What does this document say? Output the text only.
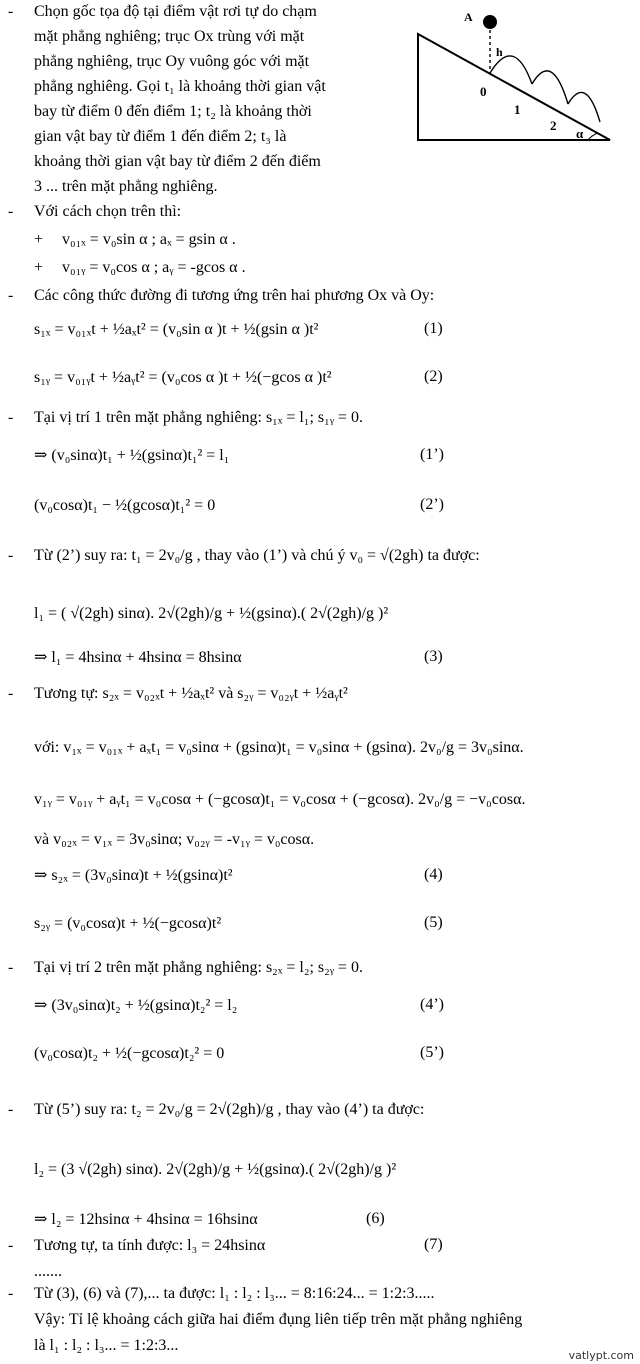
- Chọn gốc tọa độ tại điểm vật rơi tự do chạm
mặt phẳng nghiêng; trục Ox trùng với mặt
phẳng nghiêng, trục Oy vuông góc với mặt
phẳng nghiêng. Gọi t₁ là khoảng thời gian vật
bay từ điểm 0 đến điểm 1; t₂ là khoảng thời
gian vật bay từ điểm 1 đến điểm 2; t₃ là
khoảng thời gian vật bay từ điểm 2 đến điểm
3 ... trên mặt phẳng nghiêng.
A
h
0
1
2
α
- Với cách chọn trên thì:
+ v₀₁ₓ = v₀sin α ; aₓ = gsin α .
+ v₀₁ᵧ = v₀cos α ; aᵧ = -gcos α .
- Các công thức đường đi tương ứng trên hai phương Ox và Oy:
s₁ₓ = v₀₁ₓt + ½aₓt² = (v₀sin α )t + ½(gsin α )t²	(1)
s₁ᵧ = v₀₁ᵧt + ½aᵧt² = (v₀cos α )t + ½(−gcos α )t²	(2)
- Tại vị trí 1 trên mặt phẳng nghiêng: s₁ₓ = l₁; s₁ᵧ = 0.
⇒ (v₀sinα)t₁ + ½(gsinα)t₁² = l₁	(1’)
(v₀cosα)t₁ − ½(gcosα)t₁² = 0	(2’)
- Từ (2’) suy ra: t₁ = 2v₀/g , thay vào (1’) và chú ý v₀ = √(2gh) ta được:
l₁ = ( √(2gh) sinα). 2√(2gh)/g + ½(gsinα).( 2√(2gh)/g )²
⇒ l₁ = 4hsinα + 4hsinα = 8hsinα	(3)
- Tương tự: s₂ₓ = v₀₂ₓt + ½aₓt² và s₂ᵧ = v₀₂ᵧt + ½aᵧt²
với: v₁ₓ = v₀₁ₓ + aₓt₁ = v₀sinα + (gsinα)t₁ = v₀sinα + (gsinα). 2v₀/g = 3v₀sinα.
v₁ᵧ = v₀₁ᵧ + aᵧt₁ = v₀cosα + (−gcosα)t₁ = v₀cosα + (−gcosα). 2v₀/g = −v₀cosα.
và v₀₂ₓ = v₁ₓ = 3v₀sinα; v₀₂ᵧ = -v₁ᵧ = v₀cosα.
⇒ s₂ₓ = (3v₀sinα)t + ½(gsinα)t²	(4)
s₂ᵧ = (v₀cosα)t + ½(−gcosα)t²	(5)
- Tại vị trí 2 trên mặt phẳng nghiêng: s₂ₓ = l₂; s₂ᵧ = 0.
⇒ (3v₀sinα)t₂ + ½(gsinα)t₂² = l₂	(4’)
(v₀cosα)t₂ + ½(−gcosα)t₂² = 0	(5’)
- Từ (5’) suy ra: t₂ = 2v₀/g = 2√(2gh)/g , thay vào (4’) ta được:
l₂ = (3 √(2gh) sinα). 2√(2gh)/g + ½(gsinα).( 2√(2gh)/g )²
⇒ l₂ = 12hsinα + 4hsinα = 16hsinα	(6)
- Tương tự, ta tính được: l₃ = 24hsinα	(7)
.......
- Từ (3), (6) và (7),... ta được: l₁ : l₂ : l₃... = 8:16:24... = 1:2:3.....
Vậy: Tỉ lệ khoảng cách giữa hai điểm đụng liên tiếp trên mặt phẳng nghiêng
là l₁ : l₂ : l₃... = 1:2:3...
vatlypt.com
